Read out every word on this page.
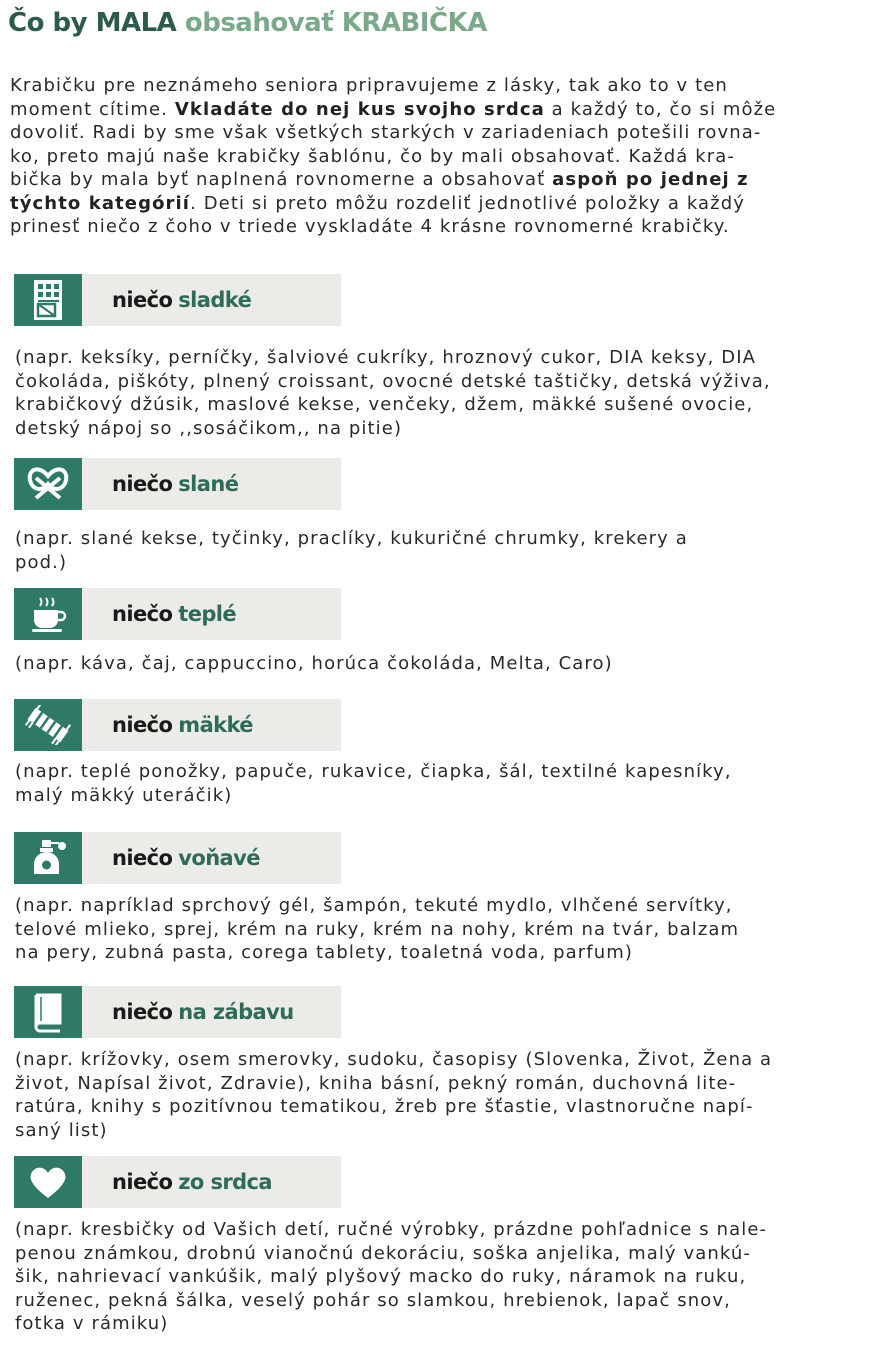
Čo by MALA obsahovať KRABIČKA

Krabičku pre neznámeho seniora pripravujeme z lásky, tak ako to v ten
moment cítime. Vkladáte do nej kus svojho srdca a každý to, čo si môže
dovoliť. Radi by sme však všetkých starkých v zariadeniach potešili rovna-
ko, preto majú naše krabičky šablónu, čo by mali obsahovať. Každá kra-
bička by mala byť naplnená rovnomerne a obsahovať aspoň po jednej z
týchto kategórií. Deti si preto môžu rozdeliť jednotlivé položky a každý
prinesť niečo z čoho v triede vyskladáte 4 krásne rovnomerné krabičky.

niečo sladké

(napr. keksíky, perníčky, šalviové cukríky, hroznový cukor, DIA keksy, DIA
čokoláda, piškóty, plnený croissant, ovocné detské taštičky, detská výživa,
krabičkový džúsik, maslové kekse, venčeky, džem, mäkké sušené ovocie,
detský nápoj so ,,sosáčikom,, na pitie)

niečo slané

(napr. slané kekse, tyčinky, praclíky, kukuričné chrumky, krekery a
pod.)

niečo teplé

(napr. káva, čaj, cappuccino, horúca čokoláda, Melta, Caro)

niečo mäkké

(napr. teplé ponožky, papuče, rukavice, čiapka, šál, textilné kapesníky,
malý mäkký uteráčik)

niečo voňavé

(napr. napríklad sprchový gél, šampón, tekuté mydlo, vlhčené servítky,
telové mlieko, sprej, krém na ruky, krém na nohy, krém na tvár, balzam
na pery, zubná pasta, corega tablety, toaletná voda, parfum)

niečo na zábavu

(napr. krížovky, osem smerovky, sudoku, časopisy (Slovenka, Život, Žena a
život, Napísal život, Zdravie), kniha básní, pekný román, duchovná lite-
ratúra, knihy s pozitívnou tematikou, žreb pre šťastie, vlastnoručne napí-
saný list)

niečo zo srdca

(napr. kresbičky od Vašich detí, ručné výrobky, prázdne pohľadnice s nale-
penou známkou, drobnú vianočnú dekoráciu, soška anjelika, malý vankú-
šik, nahrievací vankúšik, malý plyšový macko do ruky, náramok na ruku,
ruženec, pekná šálka, veselý pohár so slamkou, hrebienok, lapač snov,
fotka v rámiku)
